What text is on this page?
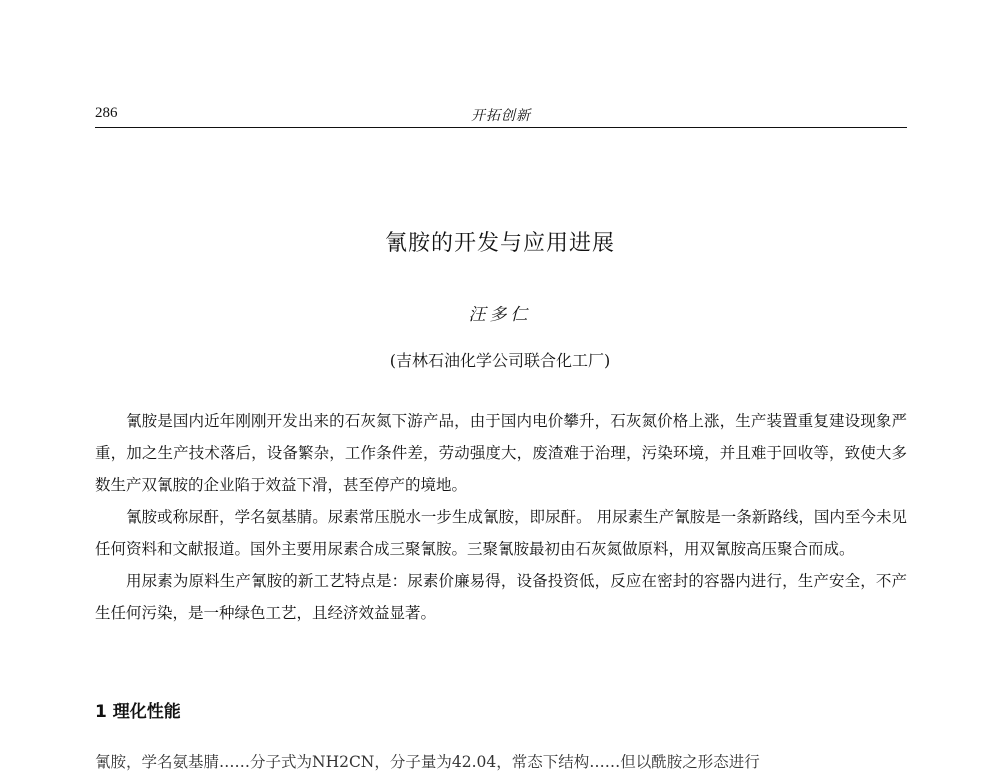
286	开拓创新
氰胺的开发与应用进展
汪多仁
(吉林石油化学公司联合化工厂)

氰胺是国内近年刚刚开发出来的石灰氮下游产品，由于国内电价攀升，石灰氮价格上涨，生产装置重复建设现象严重，加之生产技术落后，设备繁杂，工作条件差，劳动强度大，废渣难于治理，污染环境，并且难于回收等，致使大多数生产双氰胺的企业陷于效益下滑，甚至停产的境地。

氰胺或称尿酐，学名氨基腈。尿素常压脱水一步生成氰胺，即尿酐。 用尿素生产氰胺是一条新路线，国内至今未见任何资料和文献报道。国外主要用尿素合成三聚氰胺。三聚氰胺最初由石灰氮做原料，用双氰胺高压聚合而成。

用尿素为原料生产氰胺的新工艺特点是：尿素价廉易得，设备投资低，反应在密封的容器内进行，生产安全，不产生任何污染，是一种绿色工艺，且经济效益显著。

1 理化性能
氰胺，学名氨基腈……分子式为NH2CN，分子量为42.04，常态下结构……但以酰胺之形态进行
